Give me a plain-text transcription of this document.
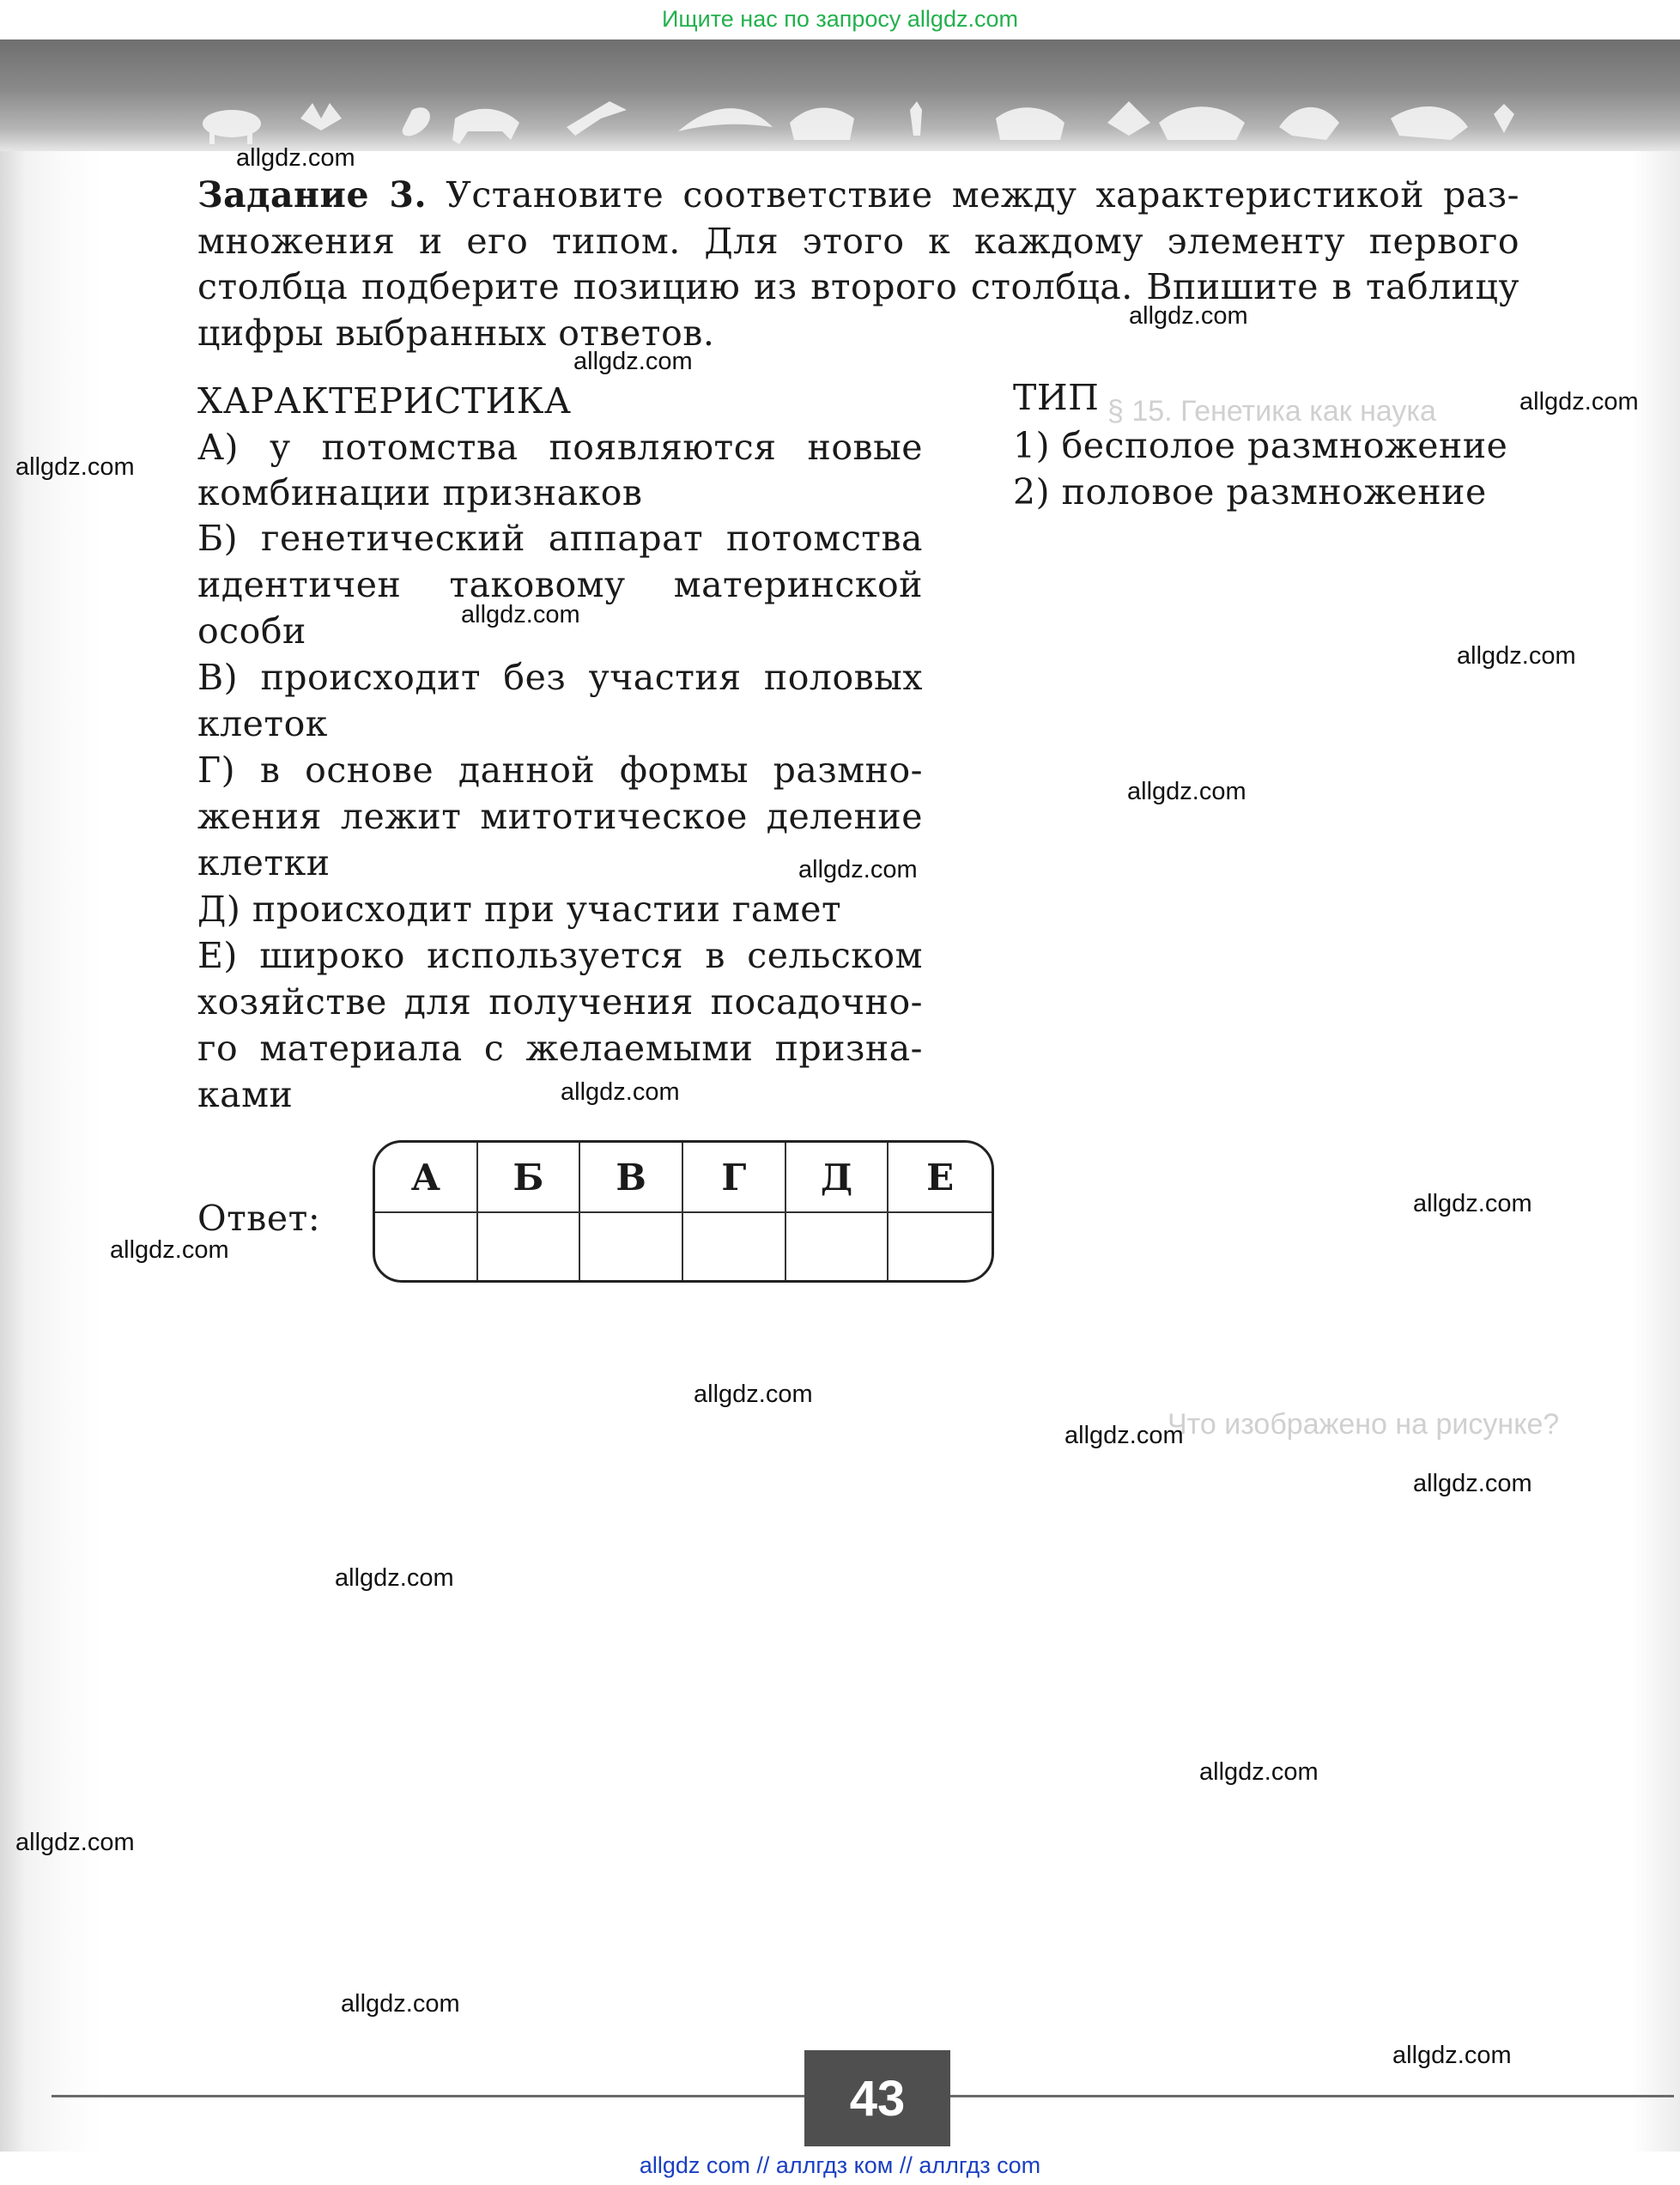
Ищите нас по запросу allgdz.com
§ 15. Генетика как наука
Что изображено на рисунке?
Задание 3. Установите соответствие между характеристикой раз-
множения и его типом. Для этого к каждому элементу первого
столбца подберите позицию из второго столбца. Впишите в таблицу
цифры выбранных ответов.
ХАРАКТЕРИСТИКА	ТИП
1) бесполое размножение
2) половое размножение
А) у потомства появляются новые
комбинации признаков
Б) генетический аппарат потомства
идентичен таковому материнской
особи
В) происходит без участия половых
клеток
Г) в основе данной формы размно-
жения лежит митотическое деление
клетки
Д) происходит при участии гамет
Е) широко используется в сельском
хозяйстве для получения посадочно-
го материала с желаемыми призна-
ками
Ответ:
А	Б	В	Г	Д	Е
allgdz.com
allgdz.com
allgdz.com
allgdz.com
allgdz.com
allgdz.com
allgdz.com
allgdz.com
allgdz.com
allgdz.com
allgdz.com
allgdz.com
allgdz.com
allgdz.com
allgdz.com
allgdz.com
allgdz.com
allgdz.com
allgdz.com
allgdz.com
43
allgdz com // аллгдз ком // аллгдз com
